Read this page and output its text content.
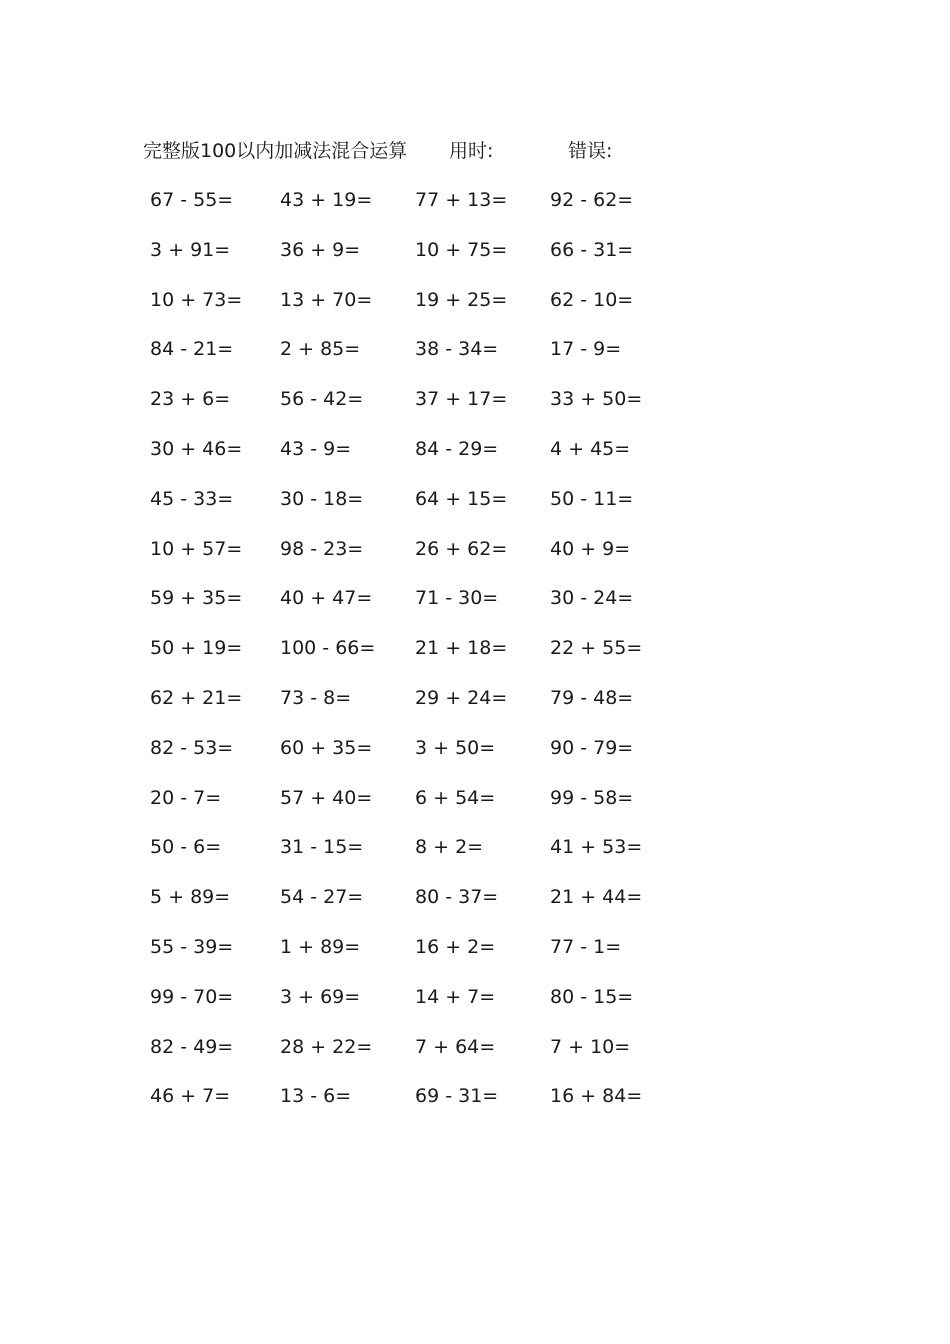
完整版100以内加减法混合运算 用时:	错误:
67 - 55= 43 + 19= 77 + 13= 92 - 62=
3 + 91=	36 + 9=	10 + 75= 66 - 31=
10 + 73= 13 + 70= 19 + 25= 62 - 10=
84 - 21= 2 + 85=	38 - 34=	17 - 9=
23 + 6=	56 - 42=	37 + 17= 33 + 50=
30 + 46= 43 - 9=	84 - 29=	4 + 45=
45 - 33= 30 - 18=	64 + 15= 50 - 11=
10 + 57= 98 - 23=	26 + 62= 40 + 9=
59 + 35= 40 + 47= 71 - 30=	30 - 24=
50 + 19= 100 - 66= 21 + 18= 22 + 55=
62 + 21= 73 - 8=	29 + 24= 79 - 48=
82 - 53= 60 + 35= 3 + 50=	90 - 79=
20 - 7=	57 + 40= 6 + 54=	99 - 58=
50 - 6=	31 - 15=	8 + 2=	41 + 53=
5 + 89=	54 - 27=	80 - 37=	21 + 44=
55 - 39= 1 + 89=	16 + 2=	77 - 1=
99 - 70= 3 + 69=	14 + 7=	80 - 15=
82 - 49= 28 + 22= 7 + 64=	7 + 10=
46 + 7=	13 - 6=	69 - 31=	16 + 84=
